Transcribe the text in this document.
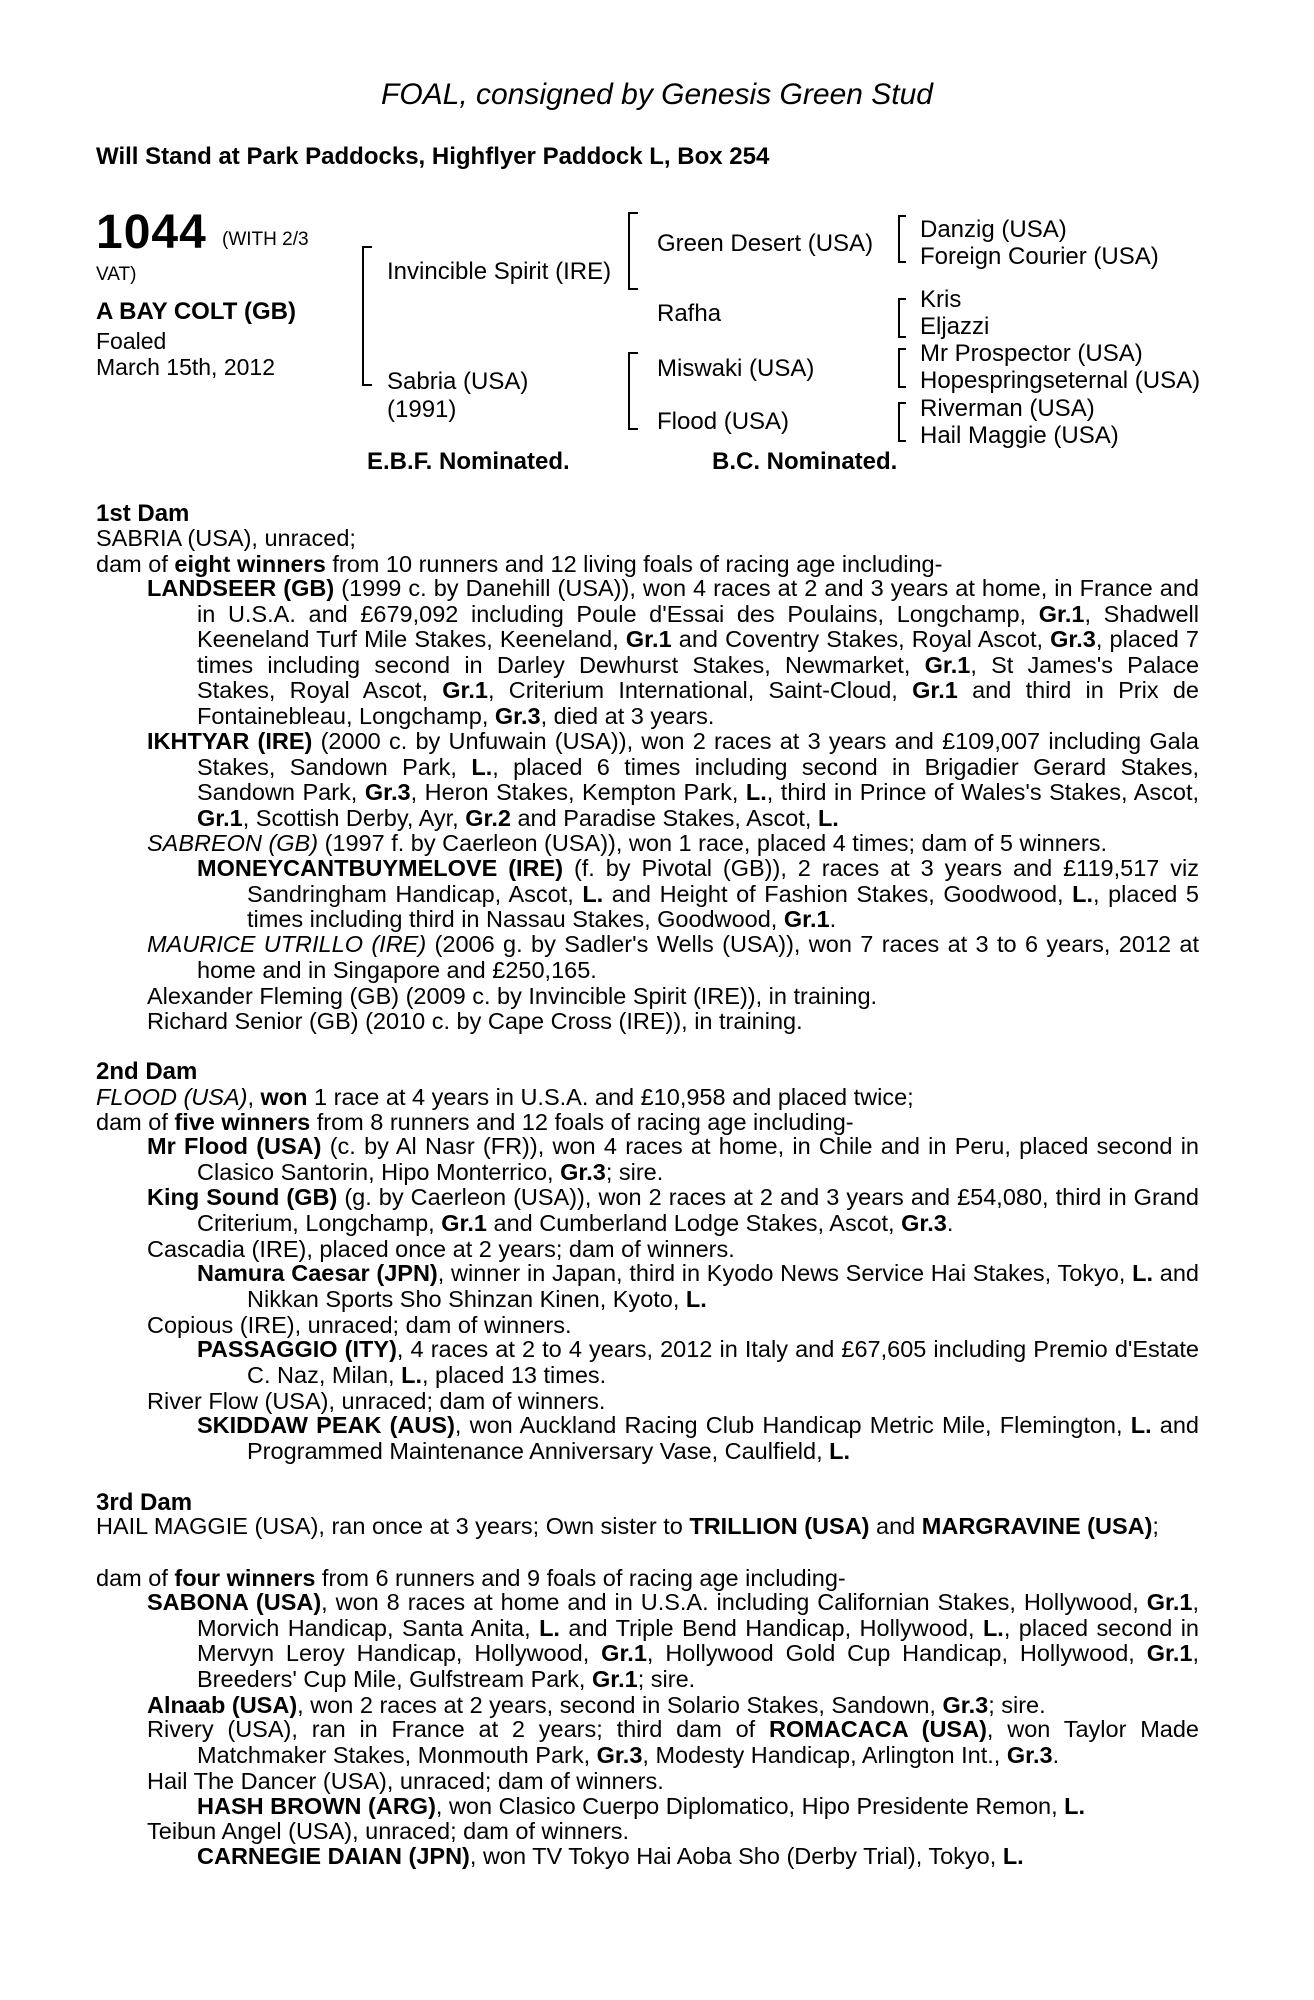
FOAL, consigned by Genesis Green Stud
Will Stand at Park Paddocks, Highflyer Paddock L, Box 254
1044 (WITH 2/3
VAT)
A BAY COLT (GB)
Foaled
March 15th, 2012
Invincible Spirit (IRE)
Sabria (USA)
(1991)
Green Desert (USA)
Rafha
Miswaki (USA)
Flood (USA)
Danzig (USA)
Foreign Courier (USA)
Kris
Eljazzi
Mr Prospector (USA)
Hopespringseternal (USA)
Riverman (USA)
Hail Maggie (USA)
E.B.F. Nominated.	B.C. Nominated.
1st Dam
SABRIA (USA), unraced;
dam of eight winners from 10 runners and 12 living foals of racing age including-
LANDSEER (GB) (1999 c. by Danehill (USA)), won 4 races at 2 and 3 years at home, in France and in U.S.A. and £679,092 including Poule d'Essai des Poulains, Longchamp, Gr.1, Shadwell Keeneland Turf Mile Stakes, Keeneland, Gr.1 and Coventry Stakes, Royal Ascot, Gr.3, placed 7 times including second in Darley Dewhurst Stakes, Newmarket, Gr.1, St James's Palace Stakes, Royal Ascot, Gr.1, Criterium International, Saint-Cloud, Gr.1 and third in Prix de Fontainebleau, Longchamp, Gr.3, died at 3 years.
IKHTYAR (IRE) (2000 c. by Unfuwain (USA)), won 2 races at 3 years and £109,007 including Gala Stakes, Sandown Park, L., placed 6 times including second in Brigadier Gerard Stakes, Sandown Park, Gr.3, Heron Stakes, Kempton Park, L., third in Prince of Wales's Stakes, Ascot, Gr.1, Scottish Derby, Ayr, Gr.2 and Paradise Stakes, Ascot, L.
SABREON (GB) (1997 f. by Caerleon (USA)), won 1 race, placed 4 times; dam of 5 winners.
MONEYCANTBUYMELOVE (IRE) (f. by Pivotal (GB)), 2 races at 3 years and £119,517 viz Sandringham Handicap, Ascot, L. and Height of Fashion Stakes, Goodwood, L., placed 5 times including third in Nassau Stakes, Goodwood, Gr.1.
MAURICE UTRILLO (IRE) (2006 g. by Sadler's Wells (USA)), won 7 races at 3 to 6 years, 2012 at home and in Singapore and £250,165.
Alexander Fleming (GB) (2009 c. by Invincible Spirit (IRE)), in training.
Richard Senior (GB) (2010 c. by Cape Cross (IRE)), in training.
2nd Dam
FLOOD (USA), won 1 race at 4 years in U.S.A. and £10,958 and placed twice;
dam of five winners from 8 runners and 12 foals of racing age including-
Mr Flood (USA) (c. by Al Nasr (FR)), won 4 races at home, in Chile and in Peru, placed second in Clasico Santorin, Hipo Monterrico, Gr.3; sire.
King Sound (GB) (g. by Caerleon (USA)), won 2 races at 2 and 3 years and £54,080, third in Grand Criterium, Longchamp, Gr.1 and Cumberland Lodge Stakes, Ascot, Gr.3.
Cascadia (IRE), placed once at 2 years; dam of winners.
Namura Caesar (JPN), winner in Japan, third in Kyodo News Service Hai Stakes, Tokyo, L. and Nikkan Sports Sho Shinzan Kinen, Kyoto, L.
Copious (IRE), unraced; dam of winners.
PASSAGGIO (ITY), 4 races at 2 to 4 years, 2012 in Italy and £67,605 including Premio d'Estate C. Naz, Milan, L., placed 13 times.
River Flow (USA), unraced; dam of winners.
SKIDDAW PEAK (AUS), won Auckland Racing Club Handicap Metric Mile, Flemington, L. and Programmed Maintenance Anniversary Vase, Caulfield, L.
3rd Dam
HAIL MAGGIE (USA), ran once at 3 years; Own sister to TRILLION (USA) and MARGRAVINE (USA);
dam of four winners from 6 runners and 9 foals of racing age including-
SABONA (USA), won 8 races at home and in U.S.A. including Californian Stakes, Hollywood, Gr.1, Morvich Handicap, Santa Anita, L. and Triple Bend Handicap, Hollywood, L., placed second in Mervyn Leroy Handicap, Hollywood, Gr.1, Hollywood Gold Cup Handicap, Hollywood, Gr.1, Breeders' Cup Mile, Gulfstream Park, Gr.1; sire.
Alnaab (USA), won 2 races at 2 years, second in Solario Stakes, Sandown, Gr.3; sire.
Rivery (USA), ran in France at 2 years; third dam of ROMACACA (USA), won Taylor Made Matchmaker Stakes, Monmouth Park, Gr.3, Modesty Handicap, Arlington Int., Gr.3.
Hail The Dancer (USA), unraced; dam of winners.
HASH BROWN (ARG), won Clasico Cuerpo Diplomatico, Hipo Presidente Remon, L.
Teibun Angel (USA), unraced; dam of winners.
CARNEGIE DAIAN (JPN), won TV Tokyo Hai Aoba Sho (Derby Trial), Tokyo, L.
